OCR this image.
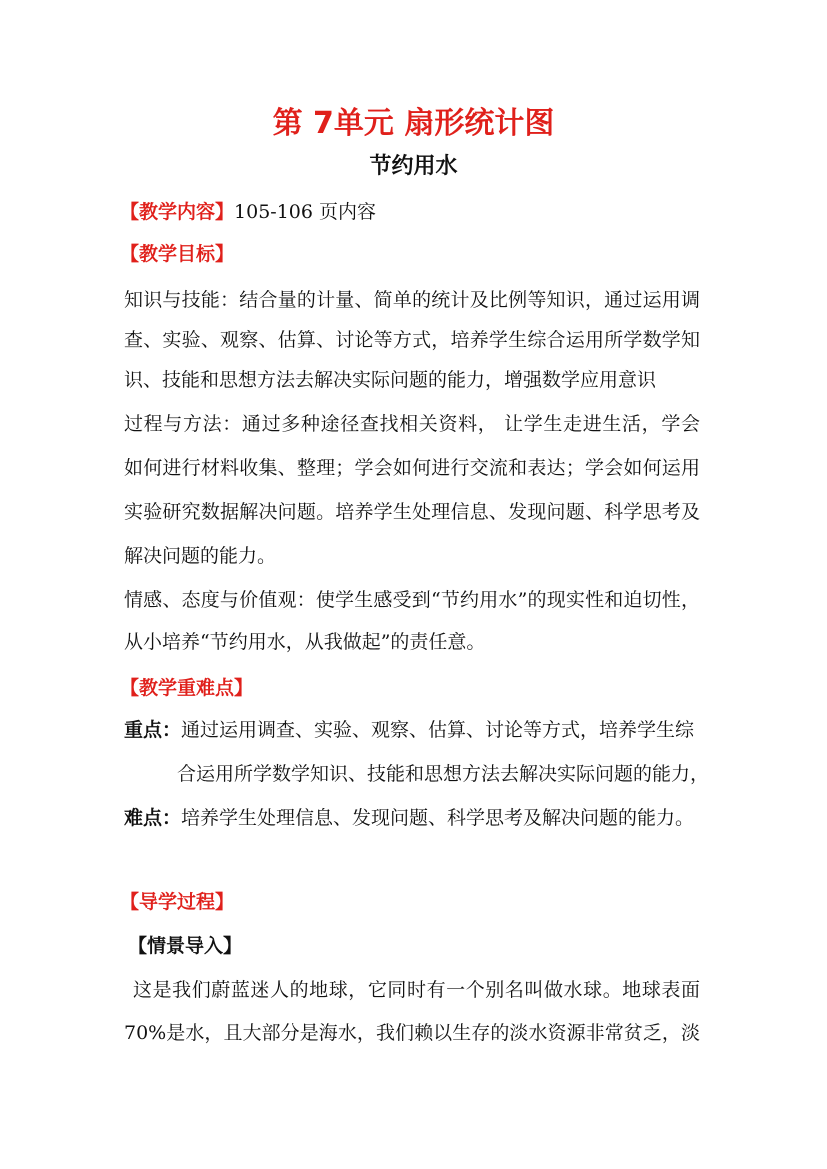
第 7单元 扇形统计图
节约用水
【教学内容】105-106 页内容
【教学目标】
知识与技能：结合量的计量、简单的统计及比例等知识，通过运用调
查、实验、观察、估算、讨论等方式，培养学生综合运用所学数学知
识、技能和思想方法去解决实际问题的能力，增强数学应用意识
过程与方法：通过多种途径查找相关资料， 让学生走进生活，学会
如何进行材料收集、整理；学会如何进行交流和表达；学会如何运用
实验研究数据解决问题。培养学生处理信息、发现问题、科学思考及
解决问题的能力。
情感、态度与价值观：使学生感受到“节约用水”的现实性和迫切性，
从小培养“节约用水，从我做起”的责任意。
【教学重难点】
重点：通过运用调查、实验、观察、估算、讨论等方式，培养学生综
合运用所学数学知识、技能和思想方法去解决实际问题的能力，
难点：培养学生处理信息、发现问题、科学思考及解决问题的能力。
【导学过程】
【情景导入】
这是我们蔚蓝迷人的地球，它同时有一个别名叫做水球。地球表面
70%是水，且大部分是海水，我们赖以生存的淡水资源非常贫乏，淡
